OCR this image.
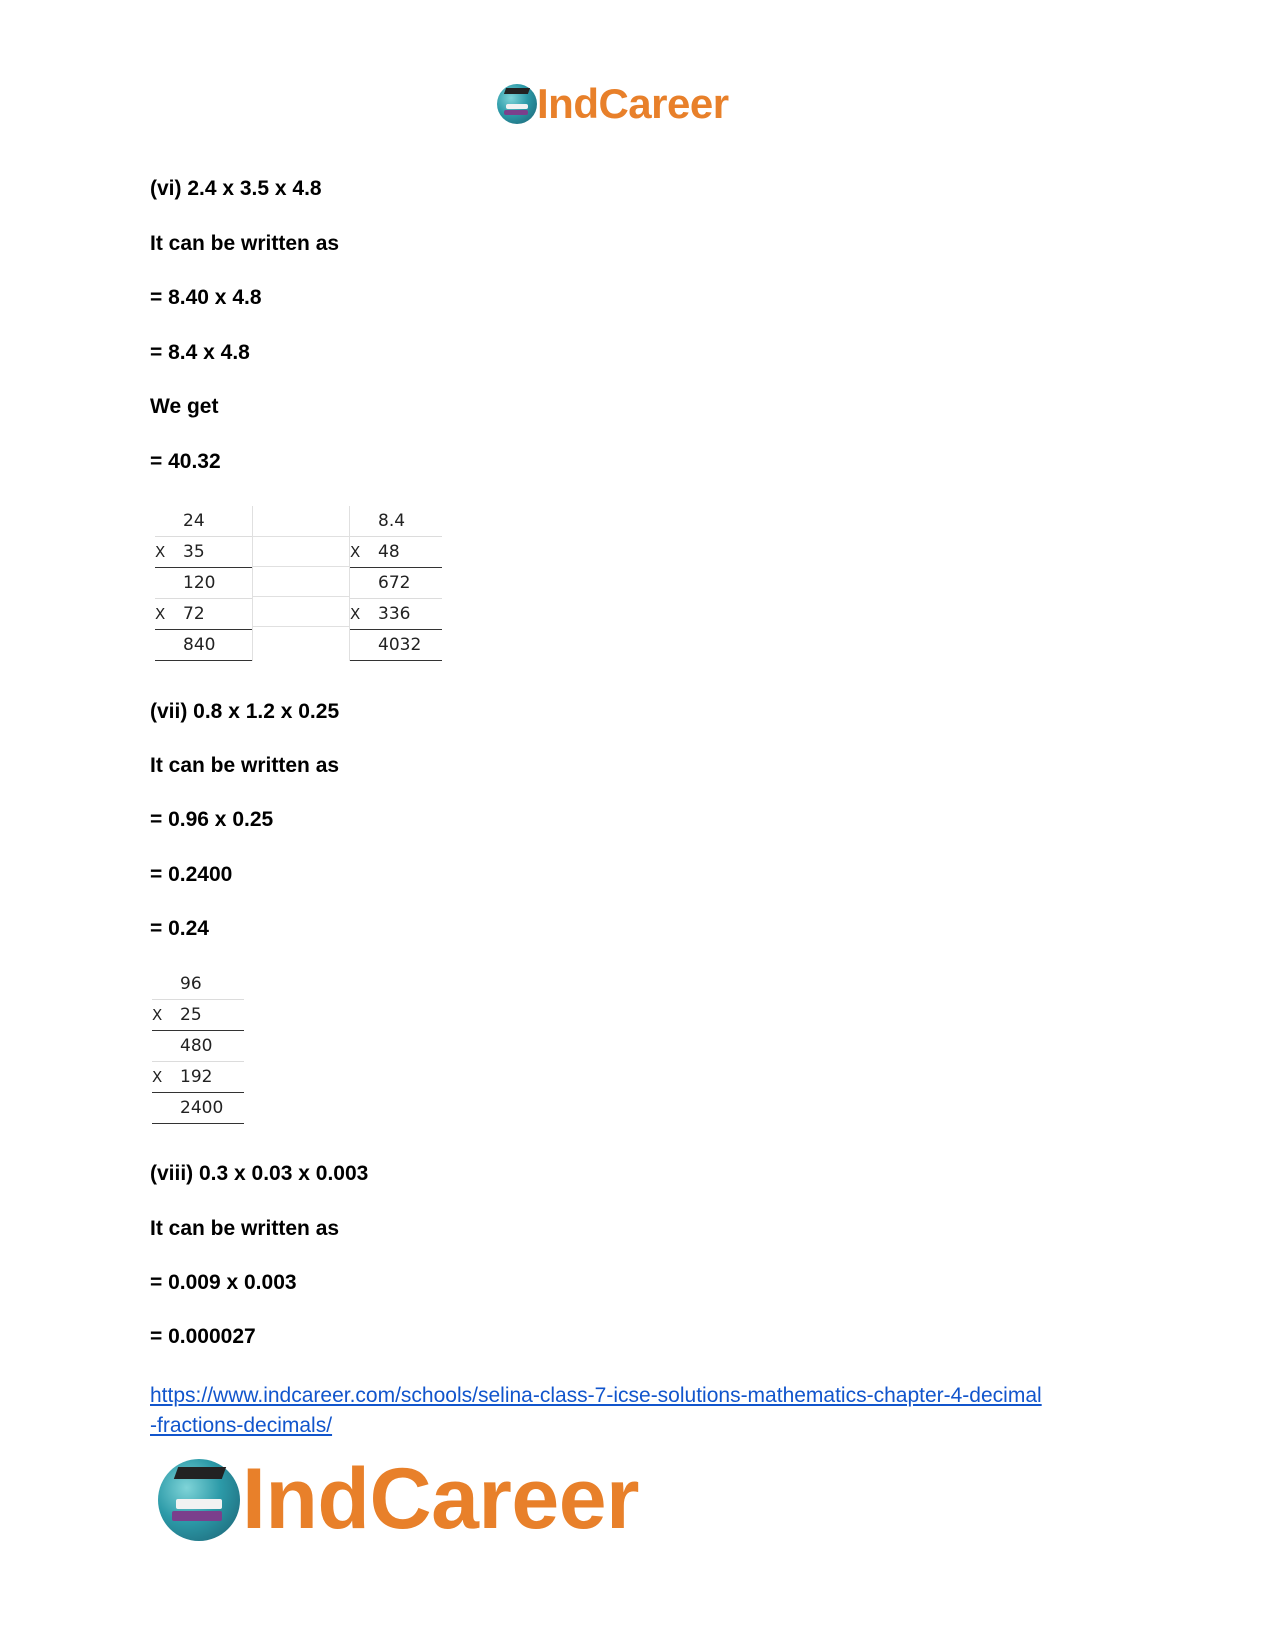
IndCareer
(vi) 2.4 x 3.5 x 4.8
It can be written as
= 8.40 x 4.8
= 8.4 x 4.8
We get
= 40.32
	24
X	35
	120
X	72
	840
	8.4
X	48
	672
X	336
	4032
(vii) 0.8 x 1.2 x 0.25
It can be written as
= 0.96 x 0.25
= 0.2400
= 0.24
	96
X	25
	480
X	192
	2400
(viii) 0.3 x 0.03 x 0.003
It can be written as
= 0.009 x 0.003
= 0.000027
https://www.indcareer.com/schools/selina-class-7-icse-solutions-mathematics-chapter-4-decimal
-fractions-decimals/
IndCareer
